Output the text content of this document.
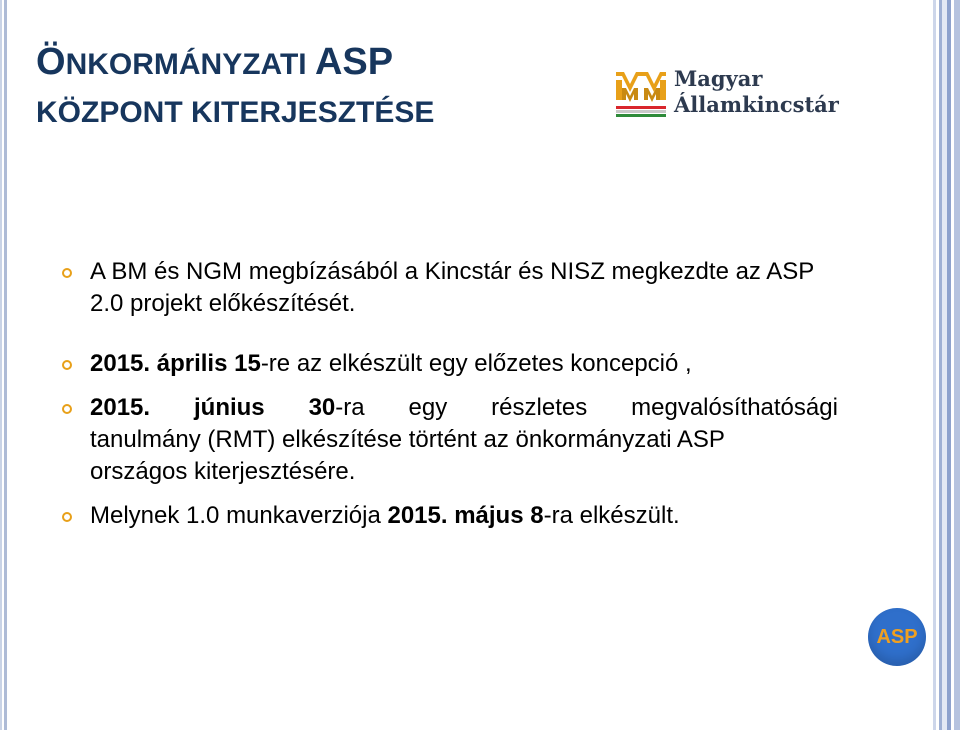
ÖNKORMÁNYZATI ASP
KÖZPONT KITERJESZTÉSE
Magyar
Államkincstár
A BM és NGM megbízásából a Kincstár és NISZ megkezdte az ASP 2.0 projekt előkészítését.
2015. április 15-re az elkészült egy előzetes koncepció ,
2015. június 30-ra egy részletes megvalósíthatósági
tanulmány (RMT) elkészítése történt az önkormányzati ASP
országos kiterjesztésére.
Melynek 1.0 munkaverziója 2015. május 8-ra elkészült.
ASP
